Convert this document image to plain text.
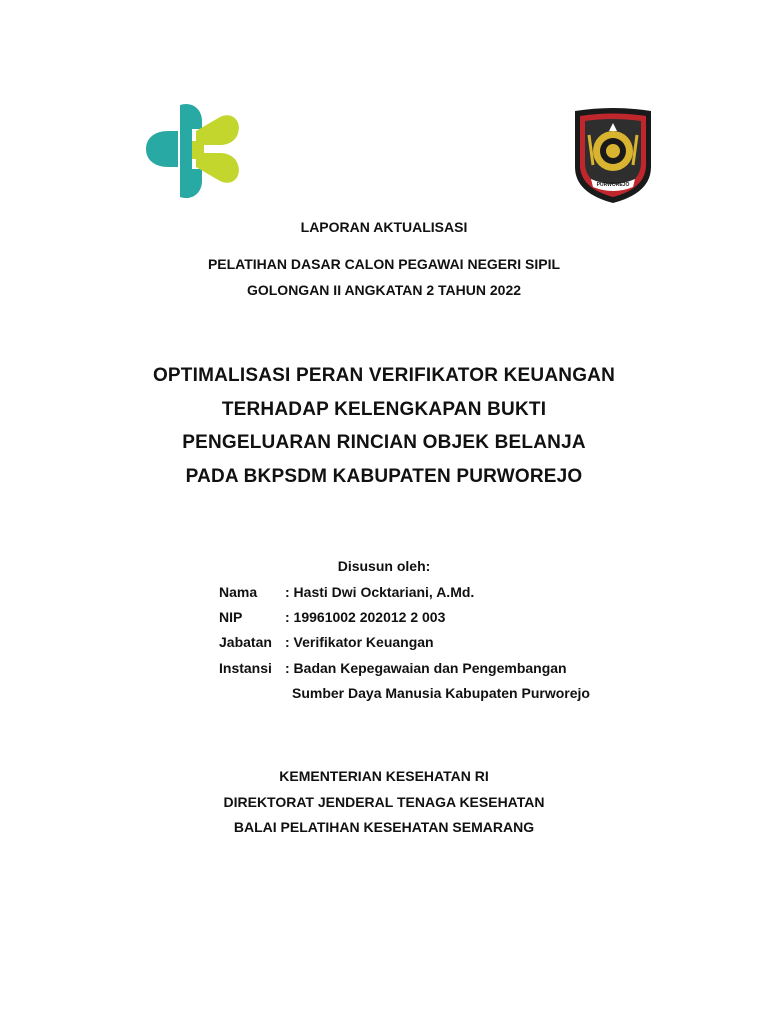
PURWOREJO
LAPORAN AKTUALISASI
PELATIHAN DASAR CALON PEGAWAI NEGERI SIPIL
GOLONGAN II ANGKATAN 2 TAHUN 2022
OPTIMALISASI PERAN VERIFIKATOR KEUANGAN
TERHADAP KELENGKAPAN BUKTI
PENGELUARAN RINCIAN OBJEK BELANJA
PADA BKPSDM KABUPATEN PURWOREJO
Disusun oleh:
Nama : Hasti Dwi Ocktariani, A.Md.
NIP	: 19961002 202012 2 003
Jabatan : Verifikator Keuangan
Instansi : Badan Kepegawaian dan Pengembangan
Sumber Daya Manusia Kabupaten Purworejo
KEMENTERIAN KESEHATAN RI
DIREKTORAT JENDERAL TENAGA KESEHATAN
BALAI PELATIHAN KESEHATAN SEMARANG
